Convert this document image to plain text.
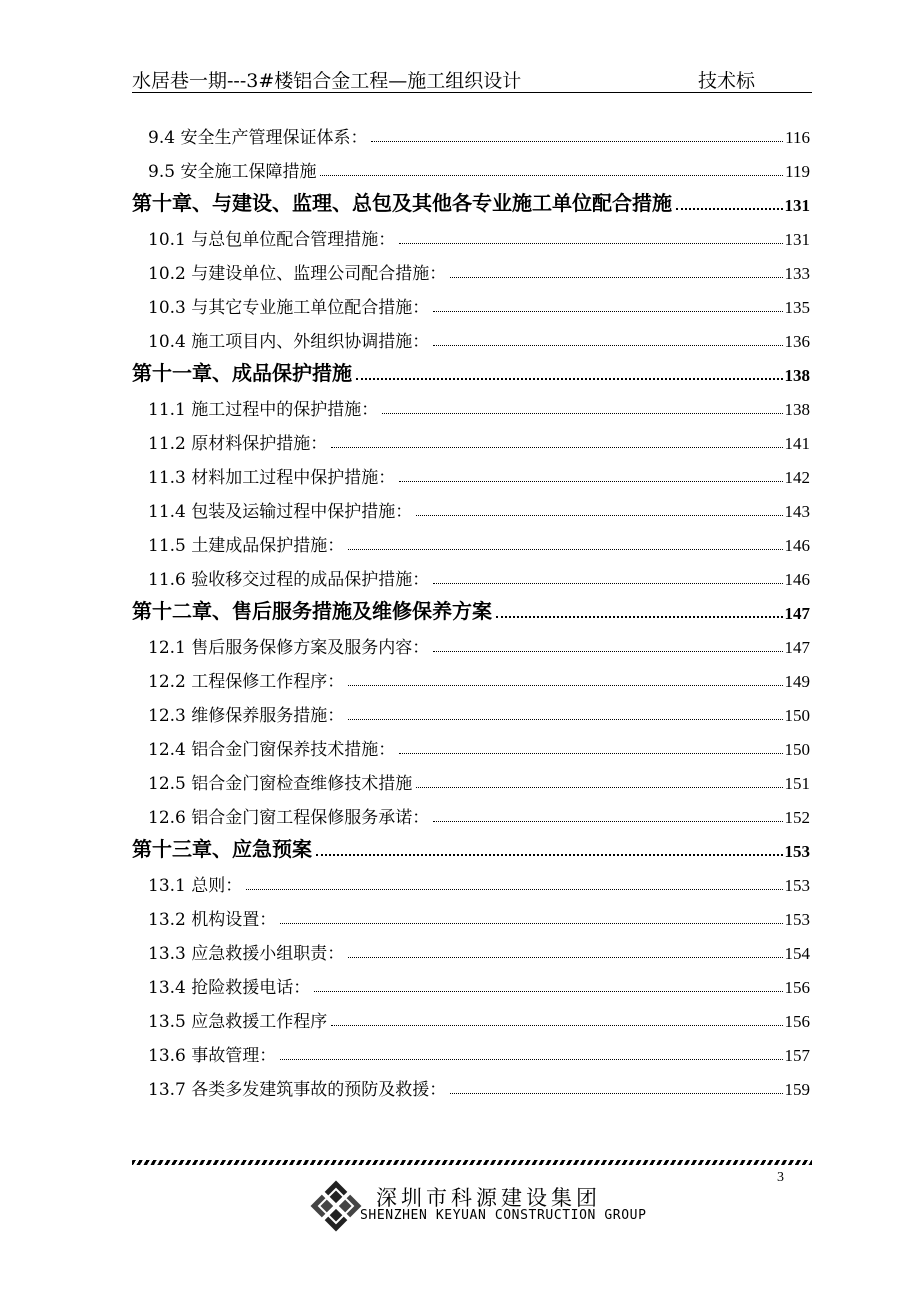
水居巷一期---3#楼铝合金工程—施工组织设计	技术标
9.4 安全生产管理保证体系：	116
9.5 安全施工保障措施	119
第十章、与建设、监理、总包及其他各专业施工单位配合措施	131
10.1 与总包单位配合管理措施：	131
10.2 与建设单位、监理公司配合措施：	133
10.3 与其它专业施工单位配合措施：	135
10.4 施工项目内、外组织协调措施：	136
第十一章、成品保护措施	138
11.1 施工过程中的保护措施：	138
11.2 原材料保护措施：	141
11.3 材料加工过程中保护措施：	142
11.4 包装及运输过程中保护措施：	143
11.5 土建成品保护措施：	146
11.6 验收移交过程的成品保护措施：	146
第十二章、售后服务措施及维修保养方案	147
12.1 售后服务保修方案及服务内容：	147
12.2 工程保修工作程序：	149
12.3 维修保养服务措施：	150
12.4 铝合金门窗保养技术措施：	150
12.5 铝合金门窗检查维修技术措施	151
12.6 铝合金门窗工程保修服务承诺：	152
第十三章、应急预案	153
13.1 总则：	153
13.2 机构设置：	153
13.3 应急救援小组职责：	154
13.4 抢险救援电话：	156
13.5 应急救援工作程序	156
13.6 事故管理：	157
13.7 各类多发建筑事故的预防及救援：	159
3
深圳市科源建设集团
SHENZHEN KEYUAN CONSTRUCTION GROUP
